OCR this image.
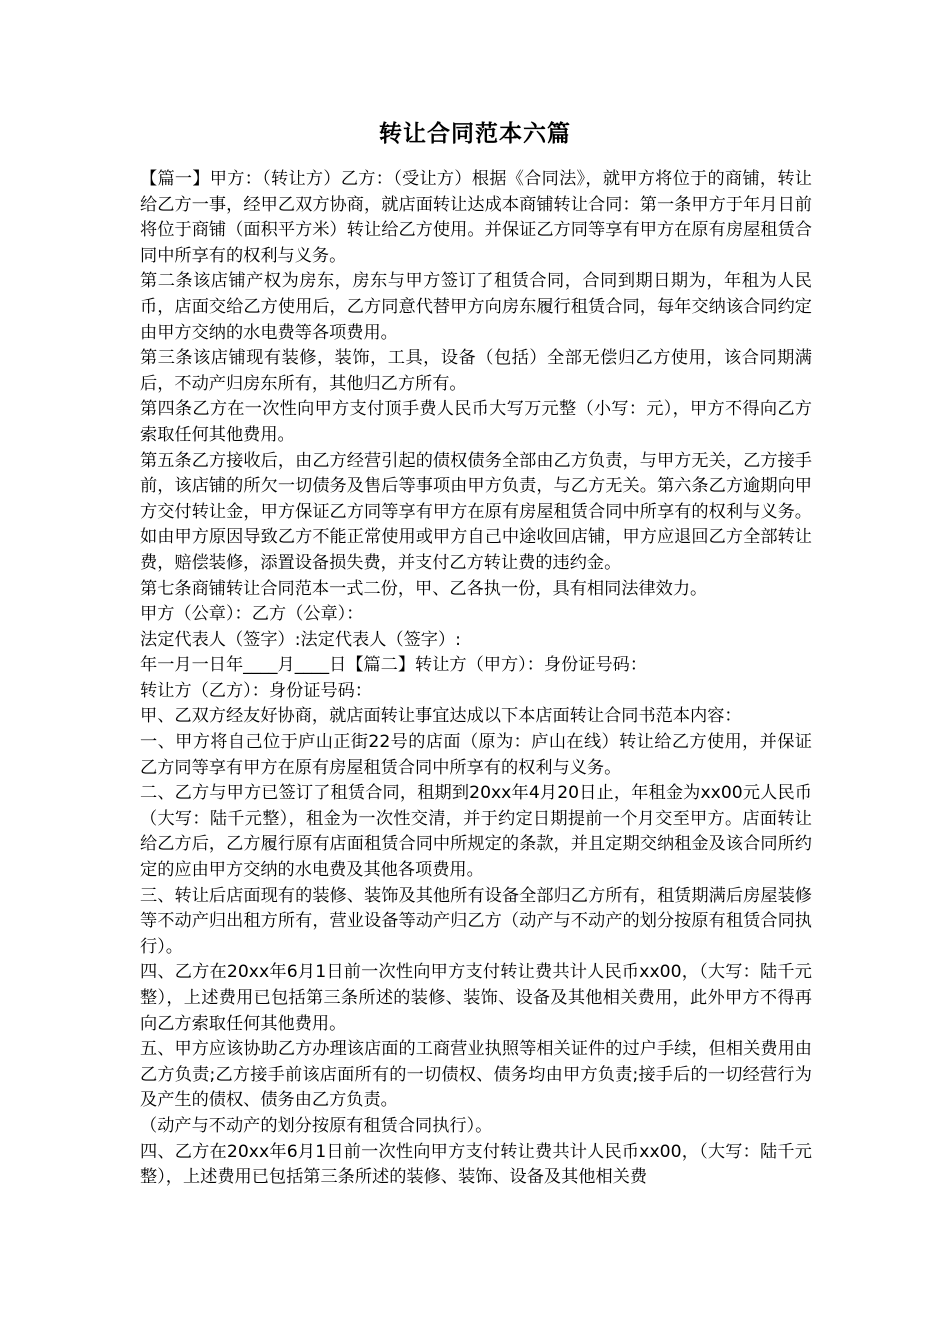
转让合同范本六篇

【篇一】甲方：（转让方）乙方：（受让方）根据《合同法》，就甲方将位于的商铺，转让给乙方一事，经甲乙双方协商，就店面转让达成本商铺转让合同：第一条甲方于年月日前将位于商铺（面积平方米）转让给乙方使用。并保证乙方同等享有甲方在原有房屋租赁合同中所享有的权利与义务。

第二条该店铺产权为房东，房东与甲方签订了租赁合同，合同到期日期为，年租为人民币，店面交给乙方使用后，乙方同意代替甲方向房东履行租赁合同，每年交纳该合同约定由甲方交纳的水电费等各项费用。

第三条该店铺现有装修，装饰，工具，设备（包括）全部无偿归乙方使用，该合同期满后，不动产归房东所有，其他归乙方所有。

第四条乙方在一次性向甲方支付顶手费人民币大写万元整（小写：元），甲方不得向乙方索取任何其他费用。

第五条乙方接收后，由乙方经营引起的债权债务全部由乙方负责，与甲方无关，乙方接手前，该店铺的所欠一切债务及售后等事项由甲方负责，与乙方无关。第六条乙方逾期向甲方交付转让金，甲方保证乙方同等享有甲方在原有房屋租赁合同中所享有的权利与义务。如由甲方原因导致乙方不能正常使用或甲方自己中途收回店铺，甲方应退回乙方全部转让费，赔偿装修，添置设备损失费，并支付乙方转让费的违约金。

第七条商铺转让合同范本一式二份，甲、乙各执一份，具有相同法律效力。

甲方（公章）：乙方（公章）：

法定代表人（签字）:法定代表人（签字）:

年一月一日年____月____日【篇二】转让方（甲方）：身份证号码：

转让方（乙方）：身份证号码：

甲、乙双方经友好协商，就店面转让事宜达成以下本店面转让合同书范本内容：

一、甲方将自己位于庐山正街22号的店面（原为：庐山在线）转让给乙方使用，并保证乙方同等享有甲方在原有房屋租赁合同中所享有的权利与义务。

二、乙方与甲方已签订了租赁合同，租期到20xx年4月20日止，年租金为xx00元人民币（大写：陆千元整），租金为一次性交清，并于约定日期提前一个月交至甲方。店面转让给乙方后，乙方履行原有店面租赁合同中所规定的条款，并且定期交纳租金及该合同所约定的应由甲方交纳的水电费及其他各项费用。

三、转让后店面现有的装修、装饰及其他所有设备全部归乙方所有，租赁期满后房屋装修等不动产归出租方所有，营业设备等动产归乙方（动产与不动产的划分按原有租赁合同执行）。

四、乙方在20xx年6月1日前一次性向甲方支付转让费共计人民币xx00，（大写：陆千元整），上述费用已包括第三条所述的装修、装饰、设备及其他相关费用，此外甲方不得再向乙方索取任何其他费用。

五、甲方应该协助乙方办理该店面的工商营业执照等相关证件的过户手续，但相关费用由乙方负责;乙方接手前该店面所有的一切债权、债务均由甲方负责;接手后的一切经营行为及产生的债权、债务由乙方负责。

（动产与不动产的划分按原有租赁合同执行）。

四、乙方在20xx年6月1日前一次性向甲方支付转让费共计人民币xx00，（大写：陆千元整），上述费用已包括第三条所述的装修、装饰、设备及其他相关费
